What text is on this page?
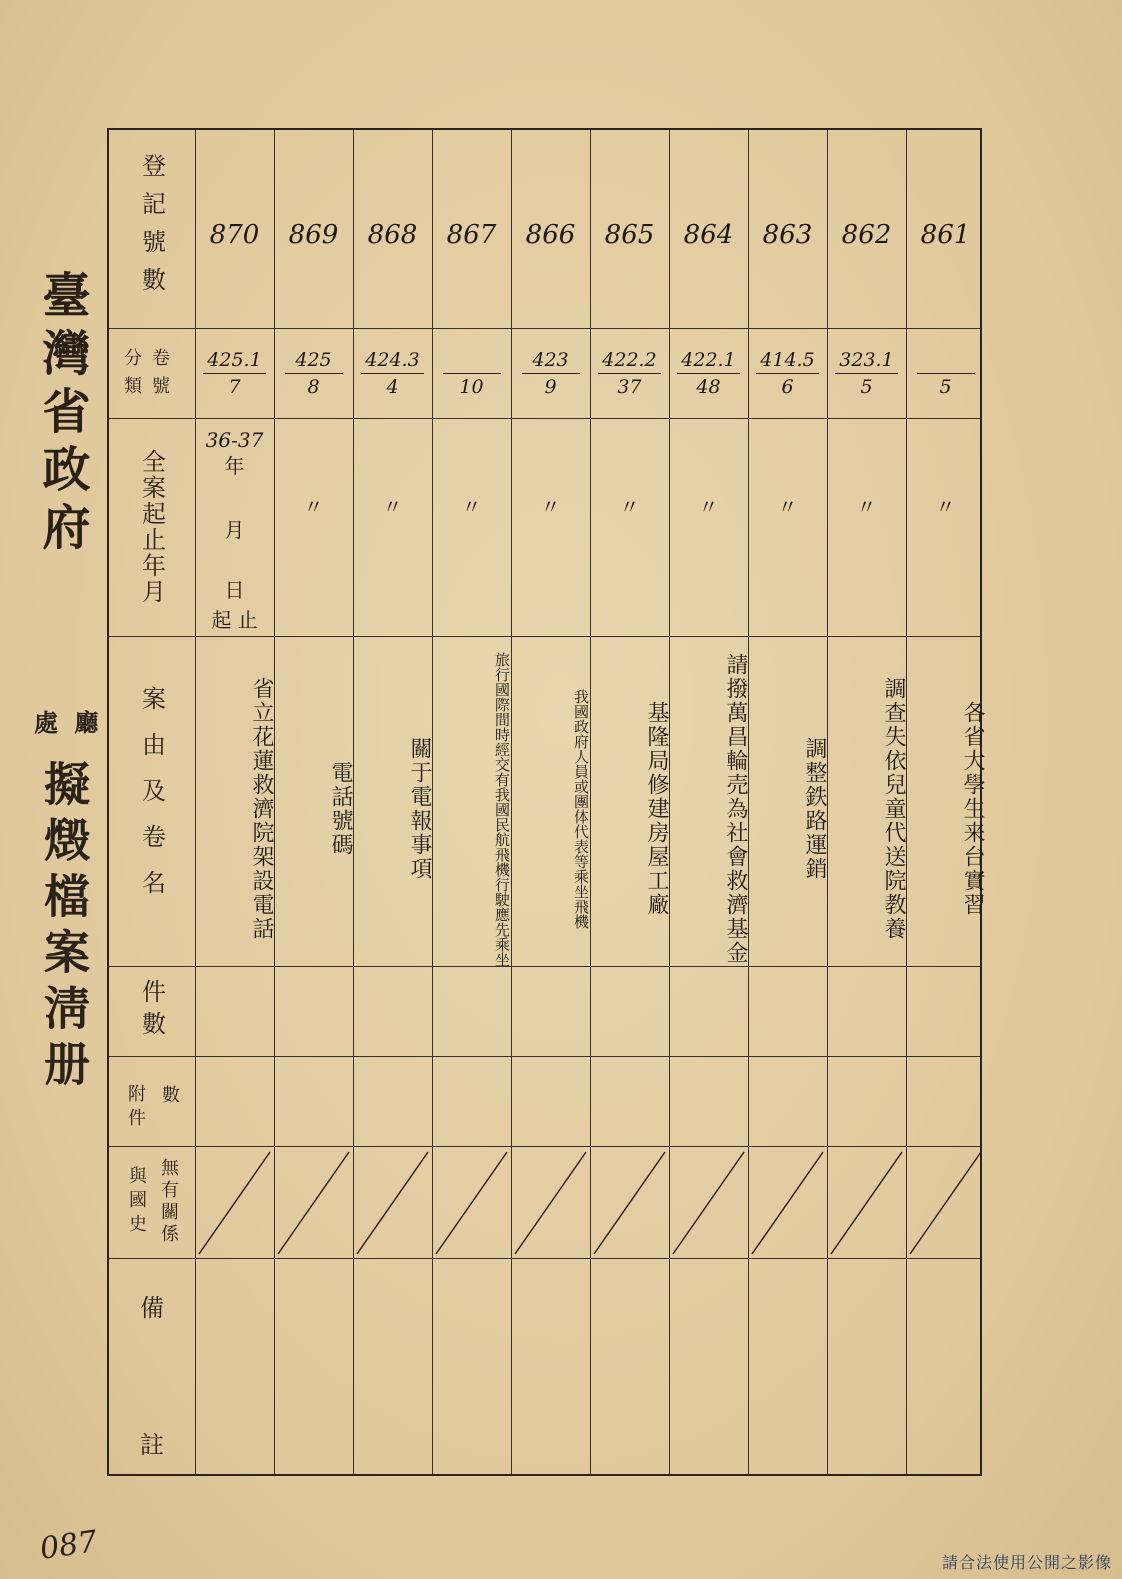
臺灣省政府
處 廳
擬燬檔案淸册
登記號數
分卷
類號
全案起止年月
案由及卷名
件數
附件 數
與國史 無有關係
備
註
870
425.1
7
36-37
年
月
日
起 止
省立花蓮救濟院架設電話
869
425
8
〃
電話號碼
868
424.3
4
〃
關于電報事項
867

10
〃
旅行國際間時經交有我國民航飛機行駛應先乘坐
866
423
9
〃
我國政府人員或團体代表等乘坐飛機
865
422.2
37
〃
基隆局修建房屋工廠
864
422.1
48
〃
請撥萬昌輪売為社會救濟基金
863
414.5
6
〃
調整鉄路運銷
862
323.1
5
〃
調查失依兒童代送院教養
861

5
〃
各省大學生来台實習
087	請合法使用公開之影像
